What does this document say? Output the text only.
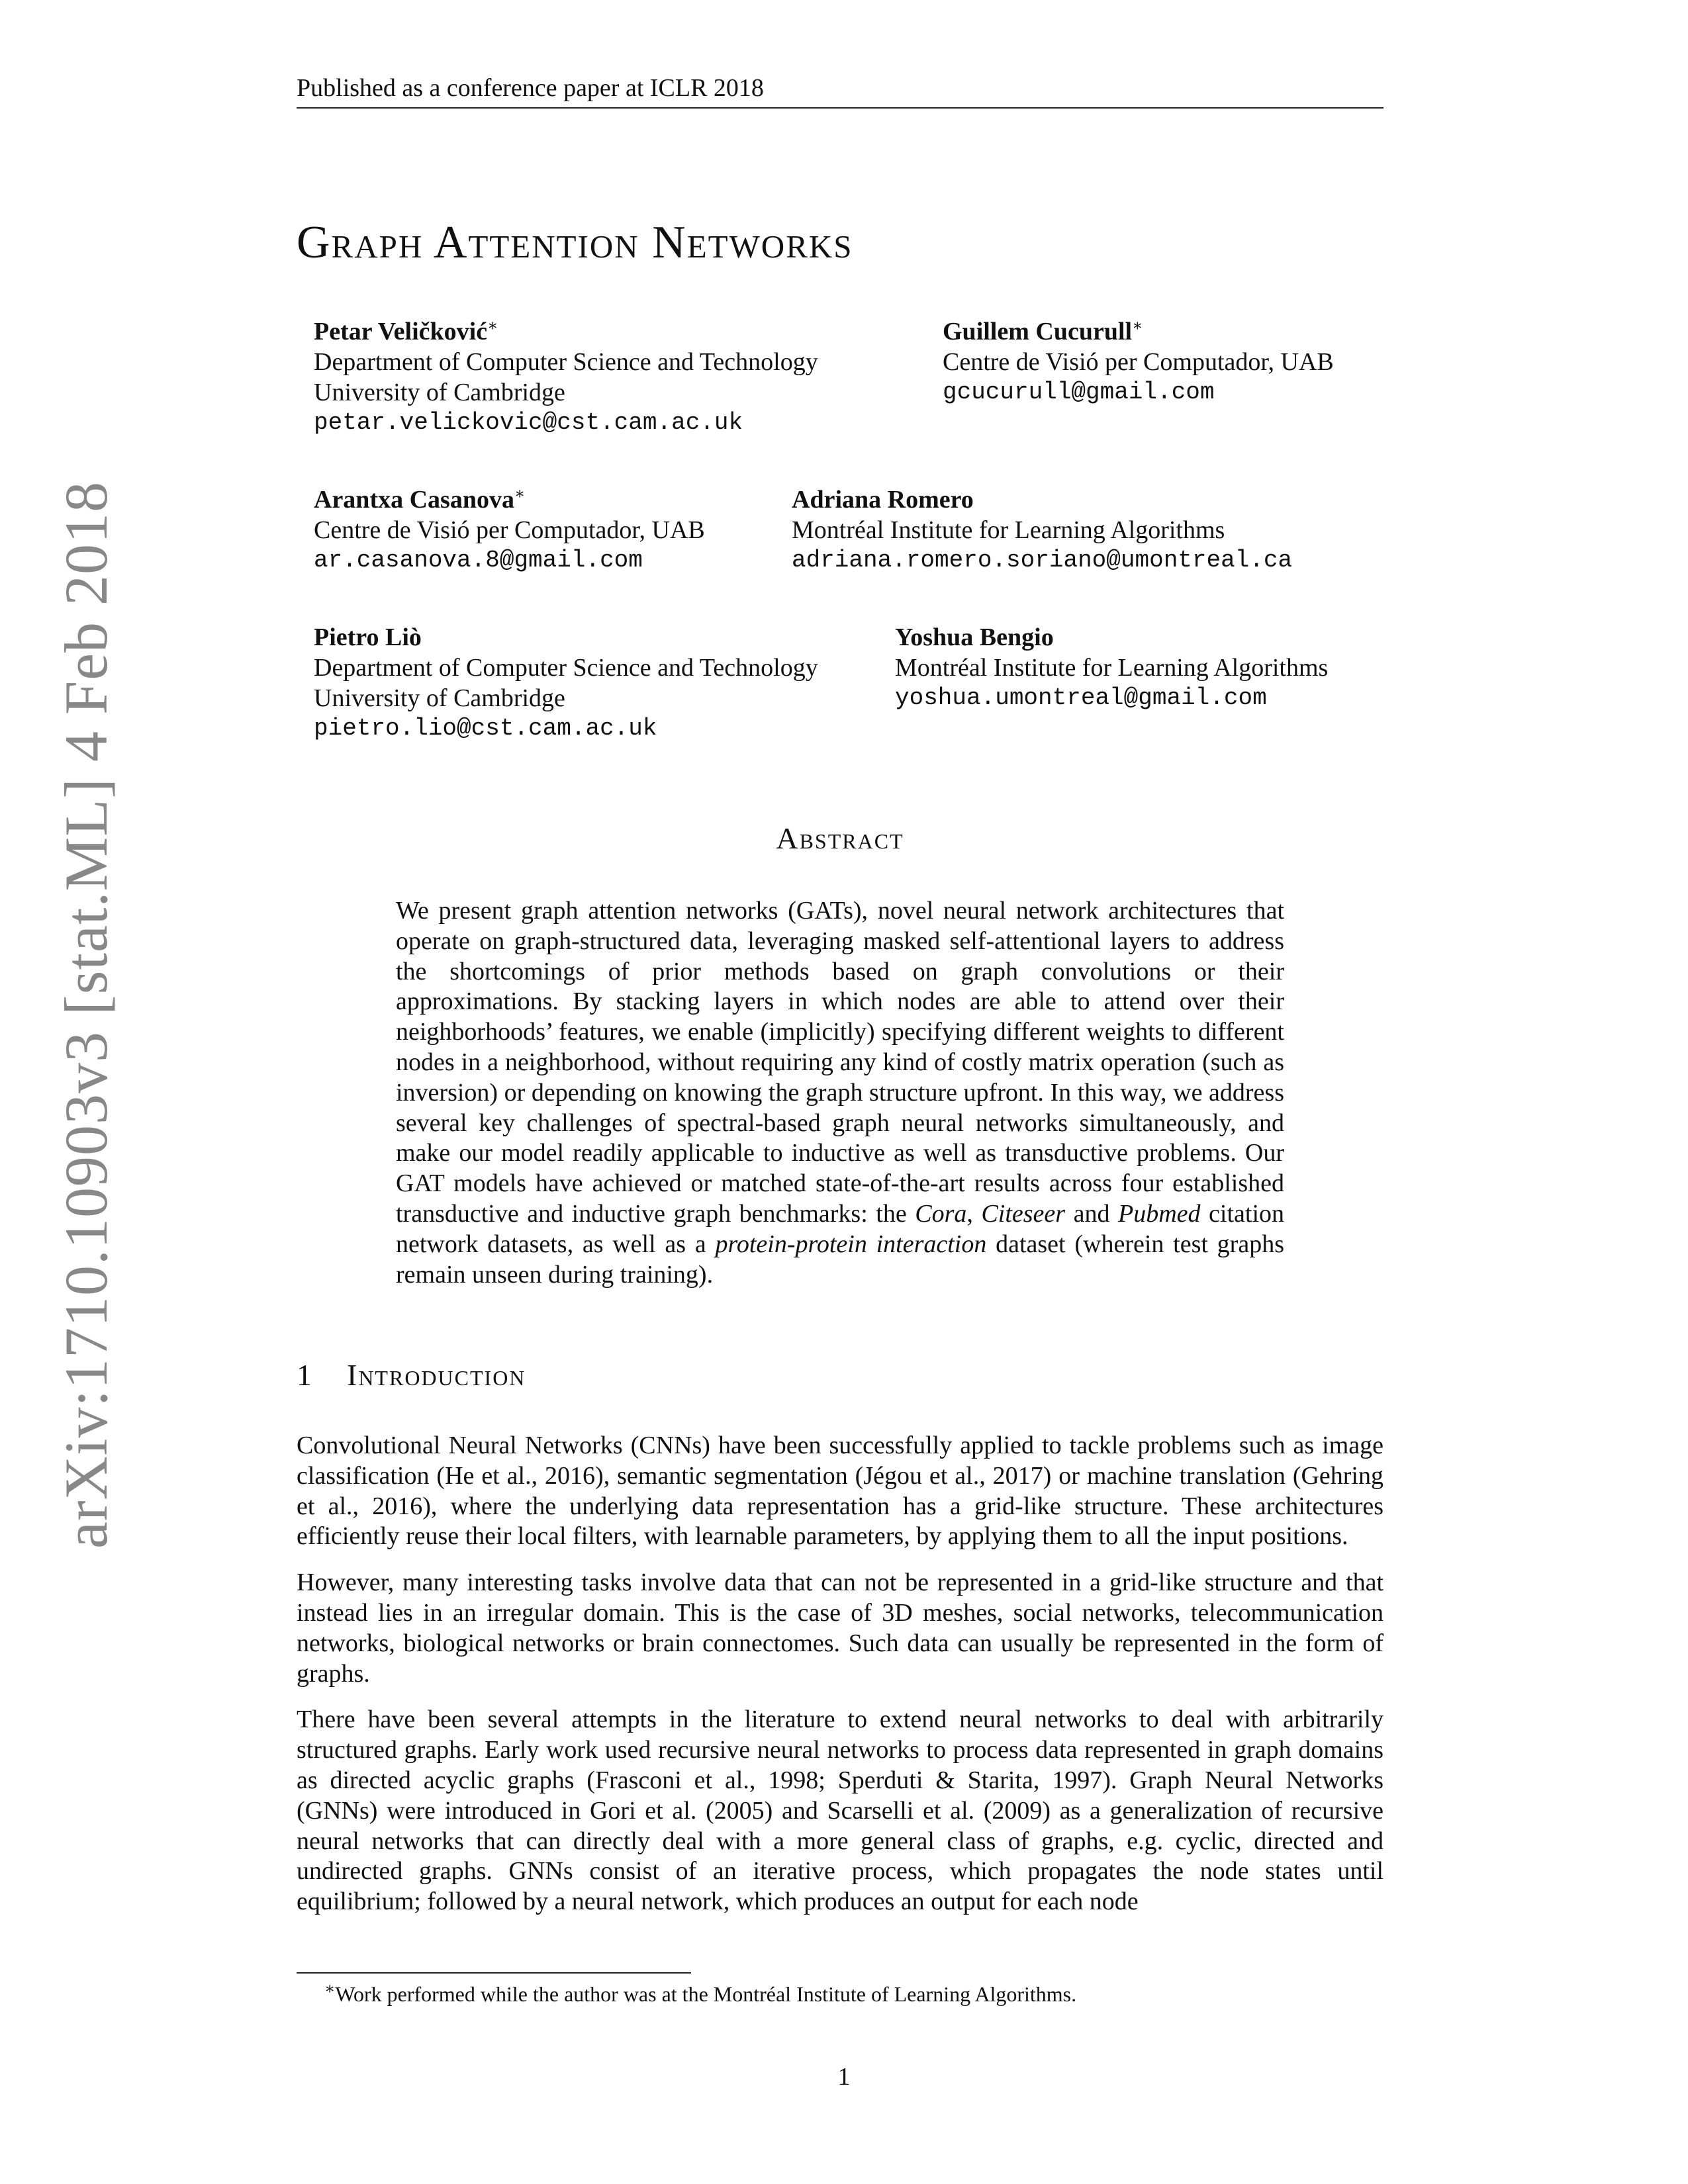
Published as a conference paper at ICLR 2018
Graph Attention Networks
Petar Veličković∗
Department of Computer Science and Technology
University of Cambridge
petar.velickovic@cst.cam.ac.uk
Guillem Cucurull∗
Centre de Visió per Computador, UAB
gcucurull@gmail.com
Arantxa Casanova∗
Centre de Visió per Computador, UAB
ar.casanova.8@gmail.com
Adriana Romero
Montréal Institute for Learning Algorithms
adriana.romero.soriano@umontreal.ca
Pietro Liò
Department of Computer Science and Technology
University of Cambridge
pietro.lio@cst.cam.ac.uk
Yoshua Bengio
Montréal Institute for Learning Algorithms
yoshua.umontreal@gmail.com
arXiv:1710.10903v3 [stat.ML] 4 Feb 2018	Abstract
We present graph attention networks (GATs), novel neural network architectures that operate on graph-structured data, leveraging masked self-attentional layers to address the shortcomings of prior methods based on graph convolutions or their approximations. By stacking layers in which nodes are able to attend over their neighborhoods’ features, we enable (implicitly) specifying different weights to different nodes in a neighborhood, without requiring any kind of costly matrix operation (such as inversion) or depending on knowing the graph structure upfront. In this way, we address several key challenges of spectral-based graph neural networks simultaneously, and make our model readily applicable to inductive as well as transductive problems. Our GAT models have achieved or matched state-of-the-art results across four established transductive and inductive graph benchmarks: the Cora, Citeseer and Pubmed citation network datasets, as well as a protein-protein interaction dataset (wherein test graphs remain unseen during training).
1 Introduction

Convolutional Neural Networks (CNNs) have been successfully applied to tackle problems such as image classification (He et al., 2016), semantic segmentation (Jégou et al., 2017) or machine translation (Gehring et al., 2016), where the underlying data representation has a grid-like structure. These architectures efficiently reuse their local filters, with learnable parameters, by applying them to all the input positions.

However, many interesting tasks involve data that can not be represented in a grid-like structure and that instead lies in an irregular domain. This is the case of 3D meshes, social networks, telecommunication networks, biological networks or brain connectomes. Such data can usually be represented in the form of graphs.

There have been several attempts in the literature to extend neural networks to deal with arbitrarily structured graphs. Early work used recursive neural networks to process data represented in graph domains as directed acyclic graphs (Frasconi et al., 1998; Sperduti & Starita, 1997). Graph Neural Networks (GNNs) were introduced in Gori et al. (2005) and Scarselli et al. (2009) as a generalization of recursive neural networks that can directly deal with a more general class of graphs, e.g. cyclic, directed and undirected graphs. GNNs consist of an iterative process, which propagates the node states until equilibrium; followed by a neural network, which produces an output for each node

∗Work performed while the author was at the Montréal Institute of Learning Algorithms.
1
